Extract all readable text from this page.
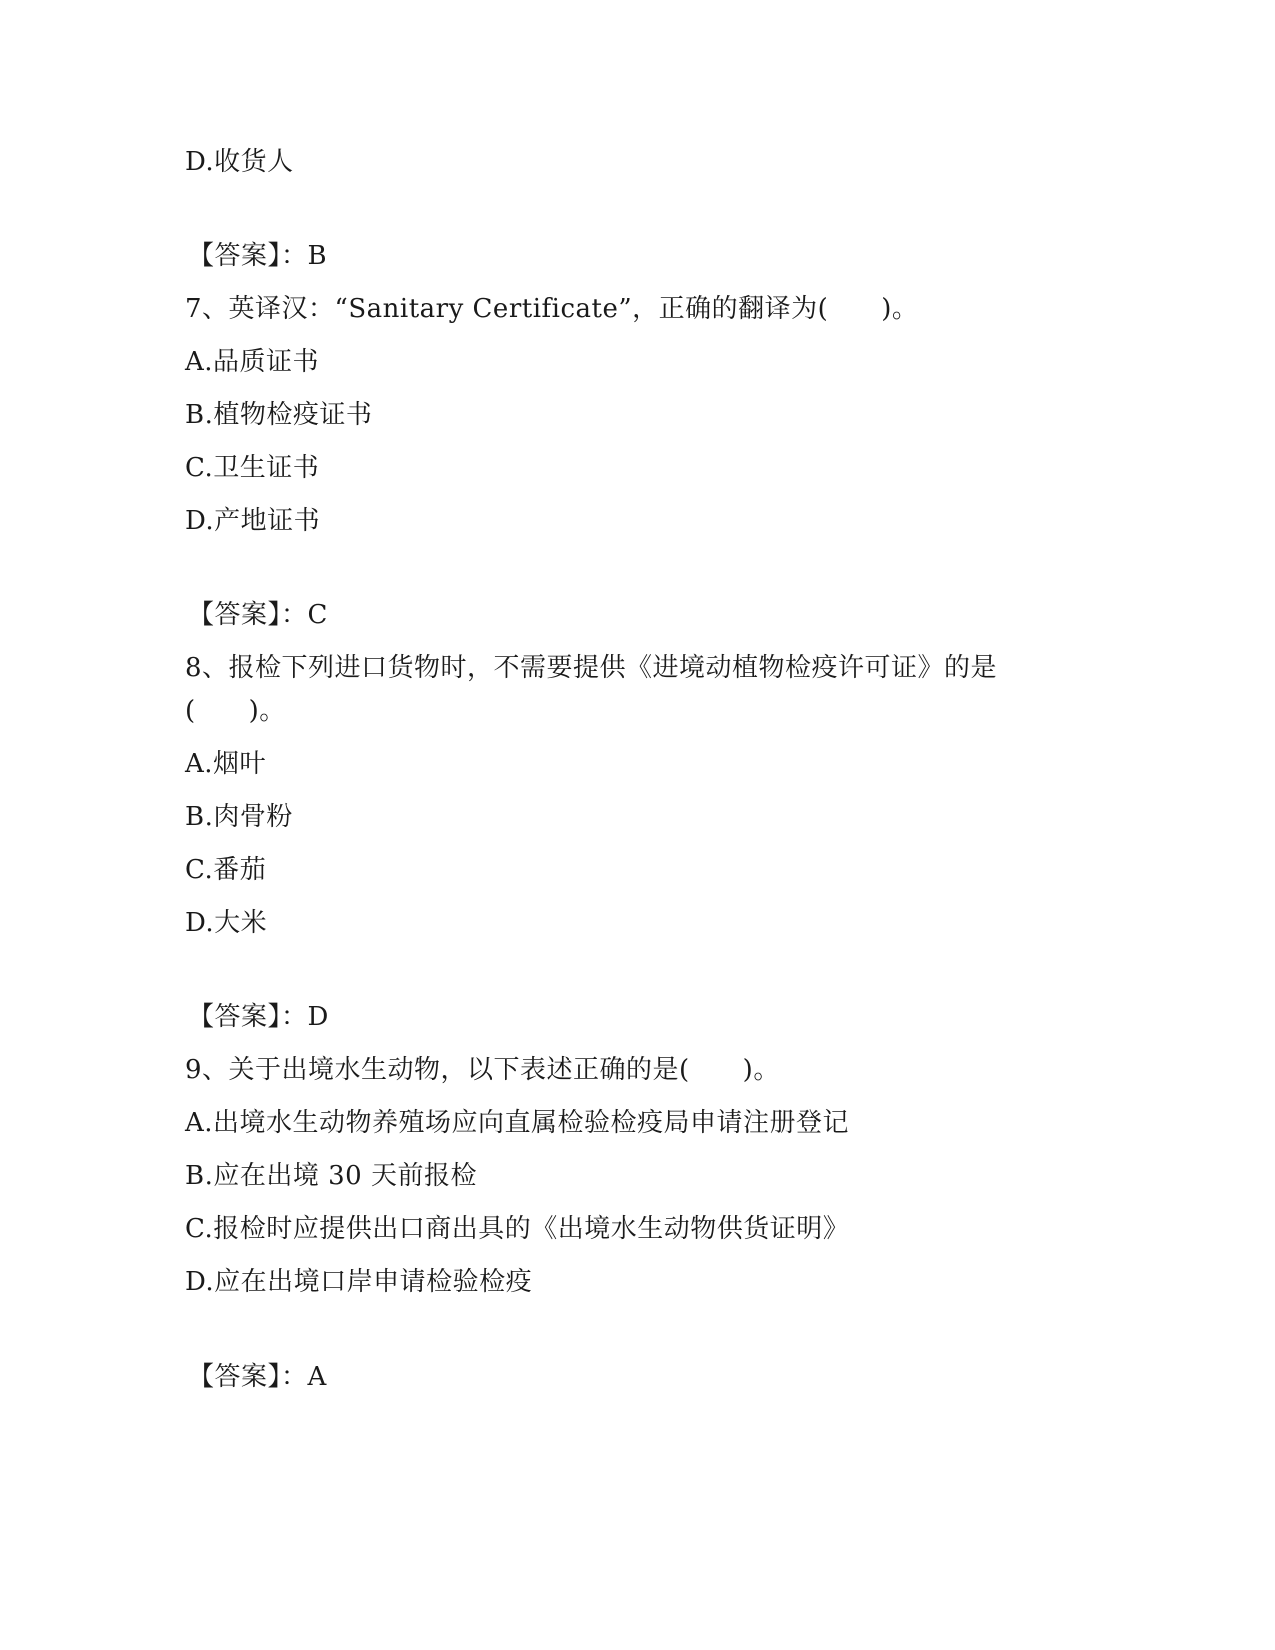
D.收货人
【答案】：B
7、英译汉：“Sanitary Certificate”，正确的翻译为(　　)。
A.品质证书
B.植物检疫证书
C.卫生证书
D.产地证书
【答案】：C
8、报检下列进口货物时，不需要提供《进境动植物检疫许可证》的是
(　　)。
A.烟叶
B.肉骨粉
C.番茄
D.大米
【答案】：D
9、关于出境水生动物，以下表述正确的是(　　)。
A.出境水生动物养殖场应向直属检验检疫局申请注册登记
B.应在出境 30 天前报检
C.报检时应提供出口商出具的《出境水生动物供货证明》
D.应在出境口岸申请检验检疫
【答案】：A
